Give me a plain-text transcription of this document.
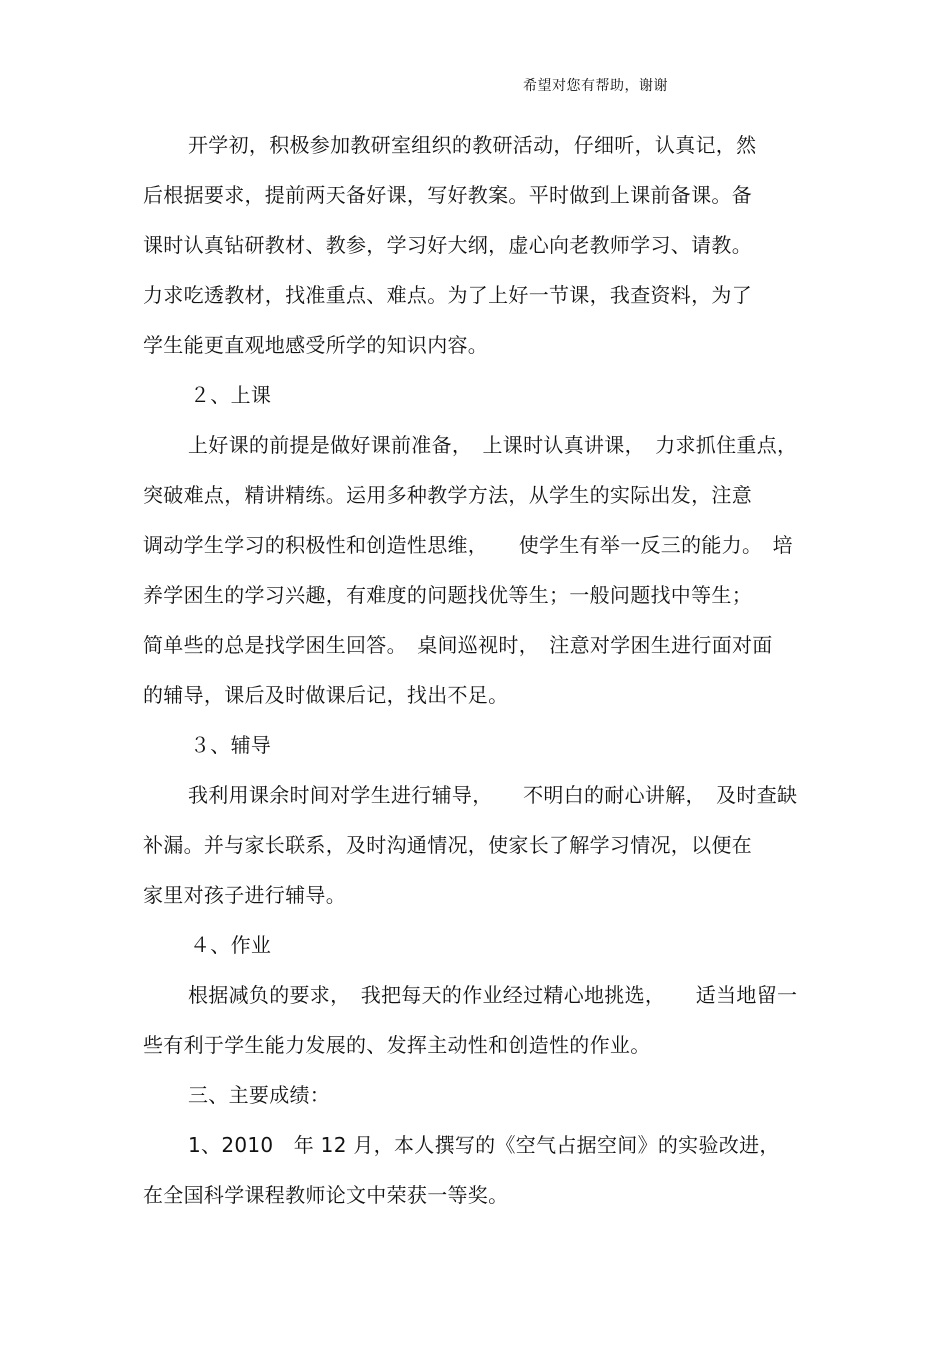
希望对您有帮助，谢谢
开学初，积极参加教研室组织的教研活动，仔细听，认真记，然
后根据要求，提前两天备好课，写好教案。平时做到上课前备课。备
课时认真钻研教材、教参，学习好大纲，虚心向老教师学习、请教。
力求吃透教材，找准重点、难点。为了上好一节课，我查资料，为了
学生能更直观地感受所学的知识内容。
２、上课
上好课的前提是做好课前准备，　上课时认真讲课，　力求抓住重点，
突破难点，精讲精练。运用多种教学方法，从学生的实际出发，注意
调动学生学习的积极性和创造性思维，　　使学生有举一反三的能力。　培
养学困生的学习兴趣，有难度的问题找优等生；一般问题找中等生；
简单些的总是找学困生回答。　桌间巡视时，　注意对学困生进行面对面
的辅导，课后及时做课后记，找出不足。
３、辅导
我利用课余时间对学生进行辅导，　　不明白的耐心讲解，　及时查缺
补漏。并与家长联系，及时沟通情况，使家长了解学习情况，以便在
家里对孩子进行辅导。
４、作业
根据减负的要求，　我把每天的作业经过精心地挑选，　　适当地留一
些有利于学生能力发展的、发挥主动性和创造性的作业。
三、主要成绩：
1、2010　年 12 月，本人撰写的《空气占据空间》的实验改进，
在全国科学课程教师论文中荣获一等奖。
